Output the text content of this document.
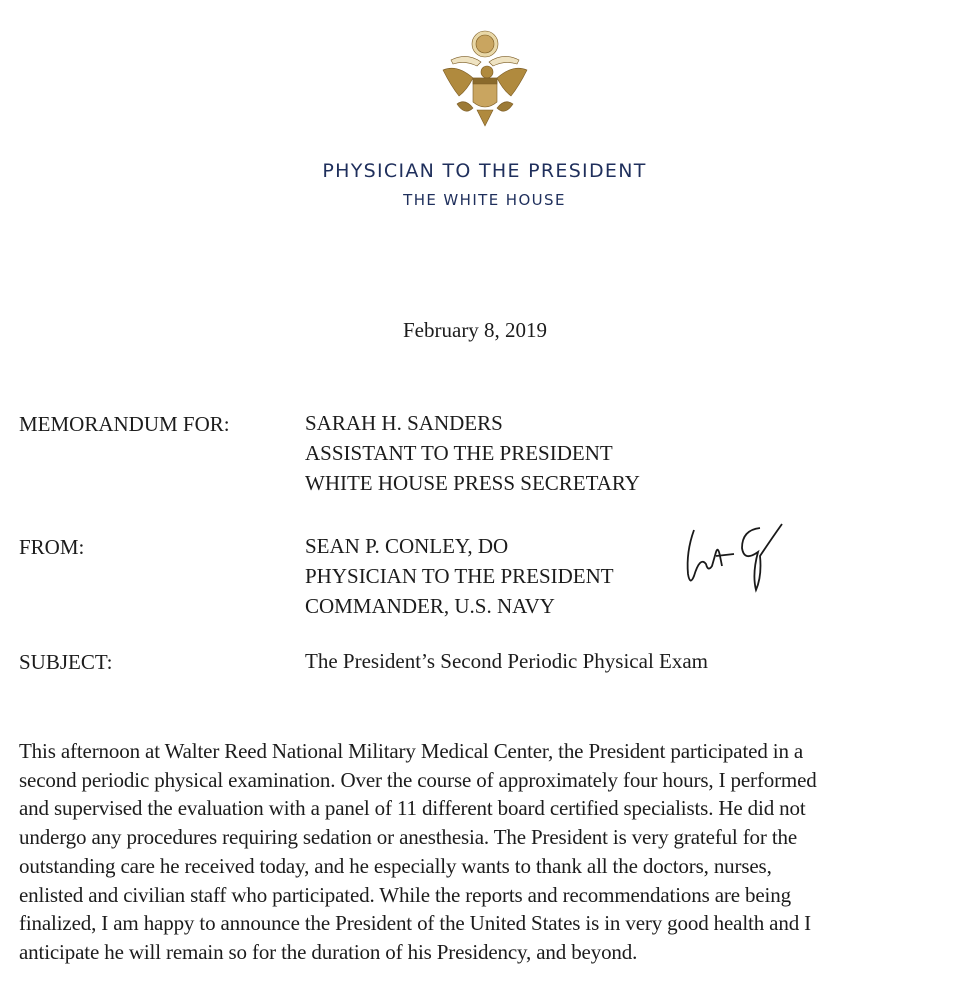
PHYSICIAN TO THE PRESIDENT
THE WHITE HOUSE
February 8, 2019
MEMORANDUM FOR:	SARAH H. SANDERS
ASSISTANT TO THE PRESIDENT
WHITE HOUSE PRESS SECRETARY
FROM:	SEAN P. CONLEY, DO
PHYSICIAN TO THE PRESIDENT
COMMANDER, U.S. NAVY
SUBJECT:	The President’s Second Periodic Physical Exam
This afternoon at Walter Reed National Military Medical Center, the President participated in a
second periodic physical examination. Over the course of approximately four hours, I performed
and supervised the evaluation with a panel of 11 different board certified specialists. He did not
undergo any procedures requiring sedation or anesthesia. The President is very grateful for the
outstanding care he received today, and he especially wants to thank all the doctors, nurses,
enlisted and civilian staff who participated. While the reports and recommendations are being
finalized, I am happy to announce the President of the United States is in very good health and I
anticipate he will remain so for the duration of his Presidency, and beyond.
